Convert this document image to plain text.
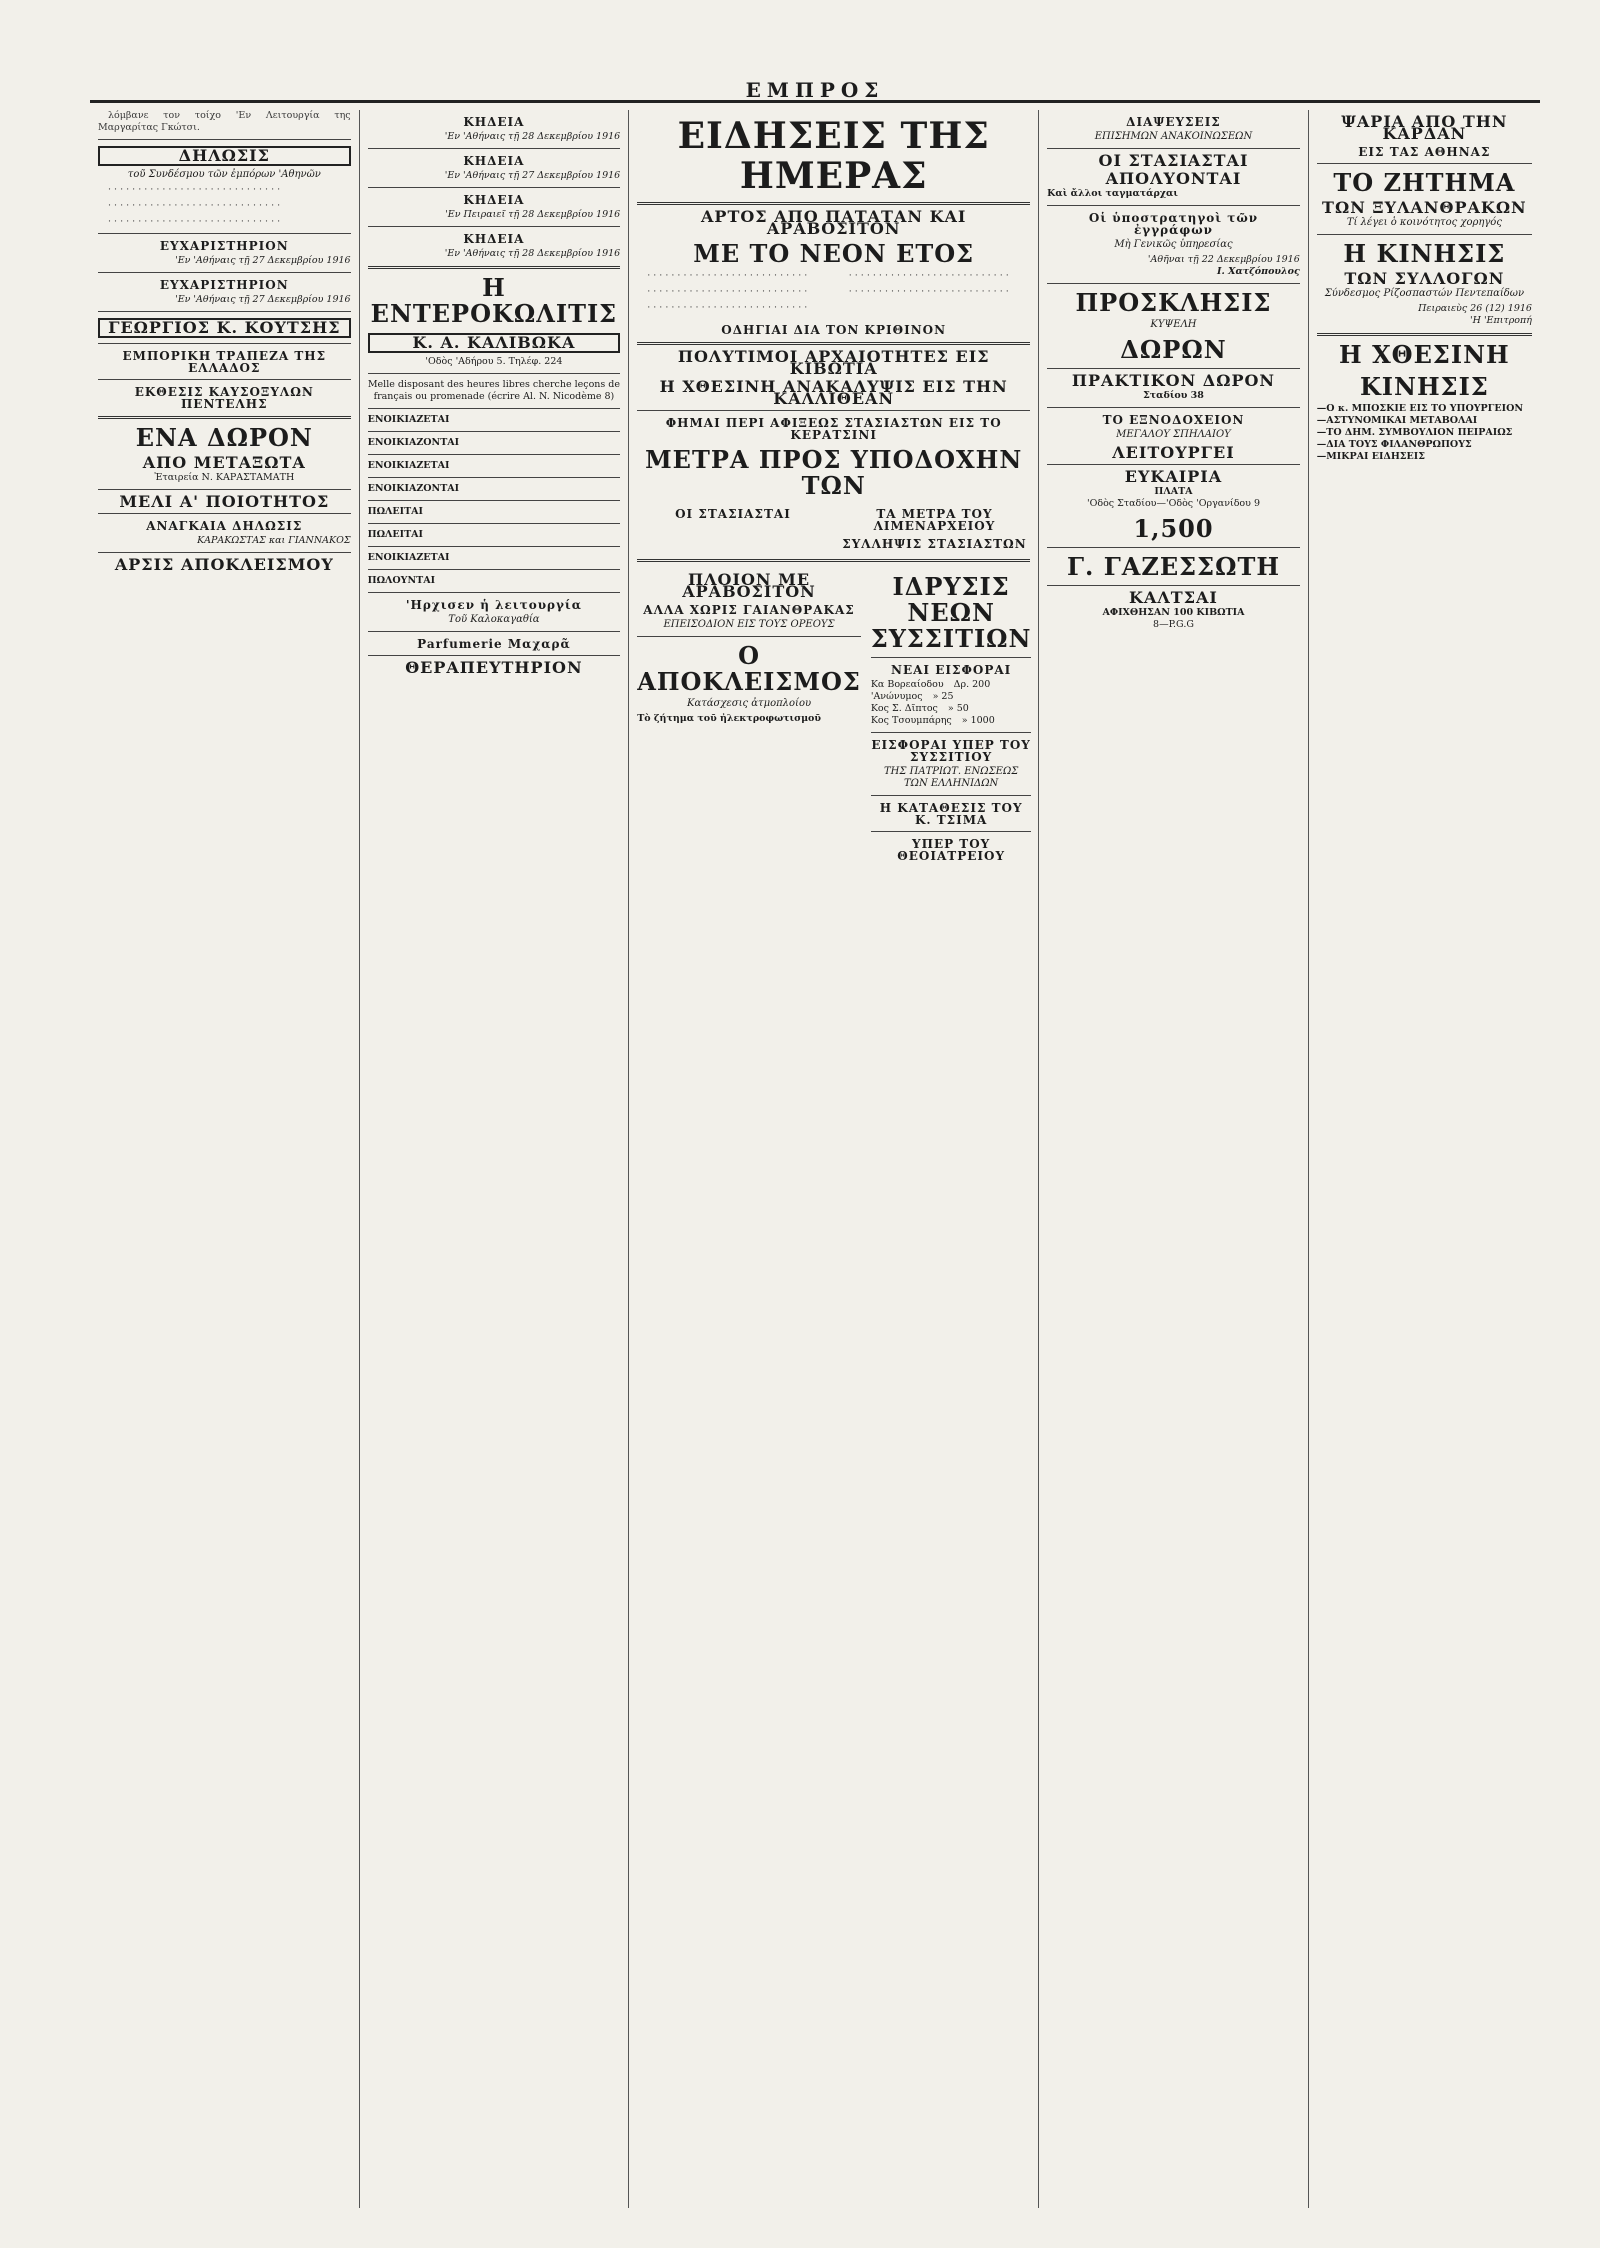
ΕΜΠΡΟΣ

λόμβανε τον τοίχο 'Εν Λειτουργία της Μαργαρίτας Γκώτσι.

ΔΗΛΩΣΙΣ
τοῦ Συνδέσμου τῶν ἐμπόρων 'Αθηνῶν

· · · · · · · · · · · · · · · · · · · · · · · · · · · · ·

· · · · · · · · · · · · · · · · · · · · · · · · · · · · ·

· · · · · · · · · · · · · · · · · · · · · · · · · · · · ·

ΕΥΧΑΡΙΣΤΗΡΙΟΝ
'Εν 'Αθήναις τῇ 27 Δεκεμβρίου 1916
ΕΥΧΑΡΙΣΤΗΡΙΟΝ
'Εν 'Αθήναις τῇ 27 Δεκεμβρίου 1916
ΓΕΩΡΓΙΟΣ Κ. ΚΟΥΤΣΗΣ
ΕΜΠΟΡΙΚΗ ΤΡΑΠΕΖΑ ΤΗΣ ΕΛΛΑΔΟΣ
ΕΚΘΕΣΙΣ ΚΑΥΣΟΞΥΛΩΝ ΠΕΝΤΕΛΗΣ
ΕΝΑ ΔΩΡΟΝ
ΑΠΟ ΜΕΤΑΞΩΤΑ
Ἐταιρεία Ν. ΚΑΡΑΣΤΑΜΑΤΗ
ΜΕΛΙ Α' ΠΟΙΟΤΗΤΟΣ
ΑΝΑΓΚΑΙΑ ΔΗΛΩΣΙΣ
ΚΑΡΑΚΩΣΤΑΣ και ΓΙΑΝΝΑΚΟΣ
ΑΡΣΙΣ ΑΠΟΚΛΕΙΣΜΟΥ
ΚΗΔΕΙΑ
'Εν 'Αθήναις τῇ 28 Δεκεμβρίου 1916
ΚΗΔΕΙΑ
'Εν 'Αθήναις τῇ 27 Δεκεμβρίου 1916
ΚΗΔΕΙΑ
'Εν Πειραιεῖ τῇ 28 Δεκεμβρίου 1916
ΚΗΔΕΙΑ
'Εν 'Αθήναις τῇ 28 Δεκεμβρίου 1916
Η ΕΝΤΕΡΟΚΩΛΙΤΙΣ
Κ. Α. ΚΑΛΙΒΩΚΑ
'Οδὸς 'Αδήρου 5. Τηλέφ. 224
Melle disposant des heures libres cherche leçons de français ou promenade (écrire Al. N. Nicodème 8)
ΕΝΟΙΚΙΑΖΕΤΑΙ
ΕΝΟΙΚΙΑΖΟΝΤΑΙ
ΕΝΟΙΚΙΑΖΕΤΑΙ
ΕΝΟΙΚΙΑΖΟΝΤΑΙ
ΠΩΛΕΙΤΑΙ
ΠΩΛΕΙΤΑΙ
ΕΝΟΙΚΙΑΖΕΤΑΙ
ΠΩΛΟΥΝΤΑΙ
'Ηρχισεν ἡ λειτουργία
Τοῦ Καλοκαγαθία
Parfumerie Μαχαρᾶ
ΘΕΡΑΠΕΥΤΗΡΙΟΝ
ΕΙΔΗΣΕΙΣ ΤΗΣ ΗΜΕΡΑΣ
ΑΡΤΟΣ ΑΠΟ ΠΑΤΑΤΑΝ ΚΑΙ ΑΡΑΒΟΣΙΤΟΝ
ΜΕ ΤΟ ΝΕΟΝ ΕΤΟΣ

· · · · · · · · · · · · · · · · · · · · · · · · · · ·

· · · · · · · · · · · · · · · · · · · · · · · · · · ·

· · · · · · · · · · · · · · · · · · · · · · · · · · ·

· · · · · · · · · · · · · · · · · · · · · · · · · · ·

· · · · · · · · · · · · · · · · · · · · · · · · · · ·

ΟΔΗΓΙΑΙ ΔΙΑ ΤΟΝ ΚΡΙΘΙΝΟΝ
ΠΟΛΥΤΙΜΟΙ ΑΡΧΑΙΟΤΗΤΕΣ ΕΙΣ ΚΙΒΩΤΙΑ
Η ΧΘΕΣΙΝΗ ΑΝΑΚΑΛΥΨΙΣ ΕΙΣ ΤΗΝ ΚΑΛΛΙΘΕΑΝ
ΦΗΜΑΙ ΠΕΡΙ ΑΦΙΞΕΩΣ ΣΤΑΣΙΑΣΤΩΝ ΕΙΣ ΤΟ ΚΕΡΑΤΣΙΝΙ
ΜΕΤΡΑ ΠΡΟΣ ΥΠΟΔΟΧΗΝ ΤΩΝ
ΟΙ ΣΤΑΣΙΑΣΤΑΙ	ΤΑ ΜΕΤΡΑ ΤΟΥ ΛΙΜΕΝΑΡΧΕΙΟΥ
ΣΥΛΛΗΨΙΣ ΣΤΑΣΙΑΣΤΩΝ
ΠΛΟΙΟΝ ΜΕ ΑΡΑΒΟΣΙΤΟΝ
ΑΛΛΑ ΧΩΡΙΣ ΓΑΙΑΝΘΡΑΚΑΣ
ΕΠΕΙΣΟΔΙΟΝ ΕΙΣ ΤΟΥΣ ΟΡΕΟΥΣ
Ο ΑΠΟΚΛΕΙΣΜΟΣ
Κατάσχεσις ἀτμοπλοίου
Τὸ ζήτημα τοῦ ἠλεκτροφωτισμοῦ
ΙΔΡΥΣΙΣ ΝΕΩΝ ΣΥΣΣΙΤΙΩΝ
ΝΕΑΙ ΕΙΣΦΟΡΑΙ
Κα Βορεαίοδου Δρ. 200
'Ανώνυμος » 25
Κος Σ. Δῖπτος » 50
Κος Τσουμπάρης » 1000
ΕΙΣΦΟΡΑΙ ΥΠΕΡ ΤΟΥ ΣΥΣΣΙΤΙΟΥ
ΤΗΣ ΠΑΤΡΙΩΤ. ΕΝΩΣΕΩΣ ΤΩΝ ΕΛΛΗΝΙΔΩΝ
Η ΚΑΤΑΘΕΣΙΣ ΤΟΥ Κ. ΤΣΙΜΑ
ΥΠΕΡ ΤΟΥ ΘΕΟΙΑΤΡΕΙΟΥ
ΔΙΑΨΕΥΣΕΙΣ
ΕΠΙΣΗΜΩΝ ΑΝΑΚΟΙΝΩΣΕΩΝ
ΟΙ ΣΤΑΣΙΑΣΤΑΙ
ΑΠΟΛΥΟΝΤΑΙ
Καὶ ἄλλοι ταγματάρχαι
Οἱ ὑποστρατηγοὶ τῶν ἐγγράφων
Μὴ Γενικῶς ὑπηρεσίας
'Αθῆναι τῇ 22 Δεκεμβρίου 1916
Ι. Χατζόπουλος
ΠΡΟΣΚΛΗΣΙΣ
ΚΥΨΕΛΗ
ΔΩΡΩΝ
ΠΡΑΚΤΙΚΟΝ ΔΩΡΟΝ
Σταδίου 38
ΤΟ ΕΞΝΟΔΟΧΕΙΟΝ
ΜΕΓΑΛΟΥ ΣΠΗΛΑΙΟΥ
ΛΕΙΤΟΥΡΓΕΙ
ΕΥΚΑΙΡΙΑ
ΠΛΑΤΑ
'Οδὸς Σταδίου—'Οδὸς 'Οργανίδου 9
1,500
Γ. ΓΑΖΕΣΣΩΤΗ
ΚΑΛΤΣΑΙ
ΑΦΙΧΘΗΣΑΝ 100 ΚΙΒΩΤΙΑ
8—P.G.G
ΨΑΡΙΑ ΑΠΟ ΤΗΝ ΚΑΡΔΑΝ
ΕΙΣ ΤΑΣ ΑΘΗΝΑΣ
ΤΟ ΖΗΤΗΜΑ
ΤΩΝ ΞΥΛΑΝΘΡΑΚΩΝ
Τί λέγει ὁ κοινότητος χορηγός
Η ΚΙΝΗΣΙΣ
ΤΩΝ ΣΥΛΛΟΓΩΝ
Σύνδεσμος Ρίζοσπαστών Πεντεπαίδων
Πειραιεὺς 26 (12) 1916
'Η 'Επιτροπή
Η ΧΘΕΣΙΝΗ
ΚΙΝΗΣΙΣ
—Ο κ. ΜΠΟΣΚΙΕ ΕΙΣ ΤΟ ΥΠΟΥΡΓΕΙΟΝ
—ΑΣΤΥΝΟΜΙΚΑΙ ΜΕΤΑΒΟΛΑΙ
—ΤΟ ΔΗΜ. ΣΥΜΒΟΥΛΙΟΝ ΠΕΙΡΑΙΩΣ
—ΔΙΑ ΤΟΥΣ ΦΙΛΑΝΘΡΩΠΟΥΣ
—ΜΙΚΡΑΙ ΕΙΔΗΣΕΙΣ
